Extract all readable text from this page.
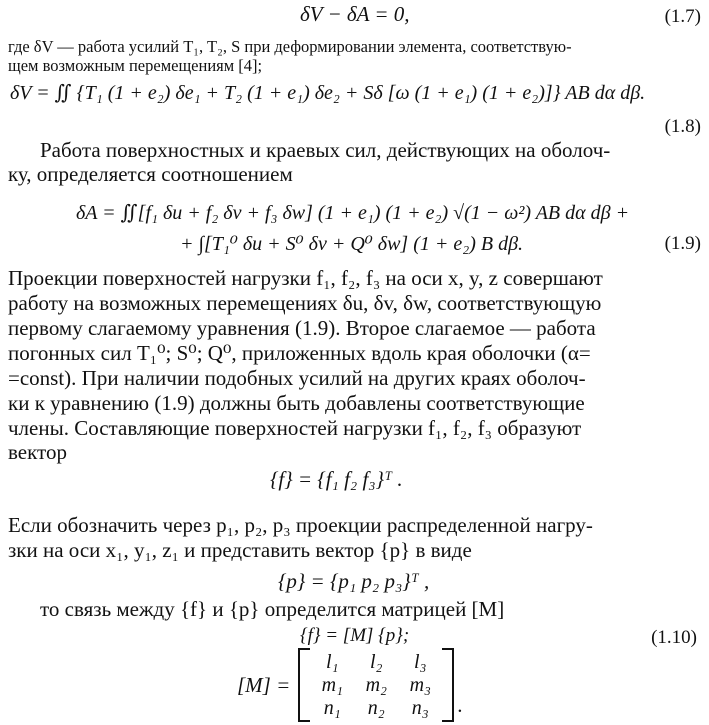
δV − δA = 0,	(1.7)
где δV — работа усилий T₁, T₂, S при деформировании элемента, соответствую-
щем возможным перемещениям [4];
δV = ∬ {T₁ (1 + e₂) δe₁ + T₂ (1 + e₁) δe₂ + Sδ [ω (1 + e₁) (1 + e₂)]} AB dα dβ.
(1.8)
Работа поверхностных и краевых сил, действующих на оболоч-
ку, определяется соотношением
δA = ∬[f₁ δu + f₂ δv + f₃ δw] (1 + e₁) (1 + e₂) √(1 − ω²) AB dα dβ +
+ ∫[T₁⁰ δu + S⁰ δv + Q⁰ δw] (1 + e₂) B dβ.	(1.9)
Проекции поверхностей нагрузки f₁, f₂, f₃ на оси x, y, z совершают
работу на возможных перемещениях δu, δv, δw, соответствующую
первому слагаемому уравнения (1.9). Второе слагаемое — работа
погонных сил T₁⁰; S⁰; Q⁰, приложенных вдоль края оболочки (α=
=const). При наличии подобных усилий на других краях оболоч-
ки к уравнению (1.9) должны быть добавлены соответствующие
члены. Составляющие поверхностей нагрузки f₁, f₂, f₃ образуют
вектор
{f} = {f₁ f₂ f₃}ᵀ .
Если обозначить через p₁, p₂, p₃ проекции распределенной нагру-
зки на оси x₁, y₁, z₁ и представить вектор {p} в виде
{p} = {p₁ p₂ p₃}ᵀ ,
то связь между {f} и {p} определится матрицей [M]
{f} = [M] {p};	(1.10)
[M] =
l₁	l₂	l₃
m₁	m₂	m₃
n₁	n₂	n₃	.
